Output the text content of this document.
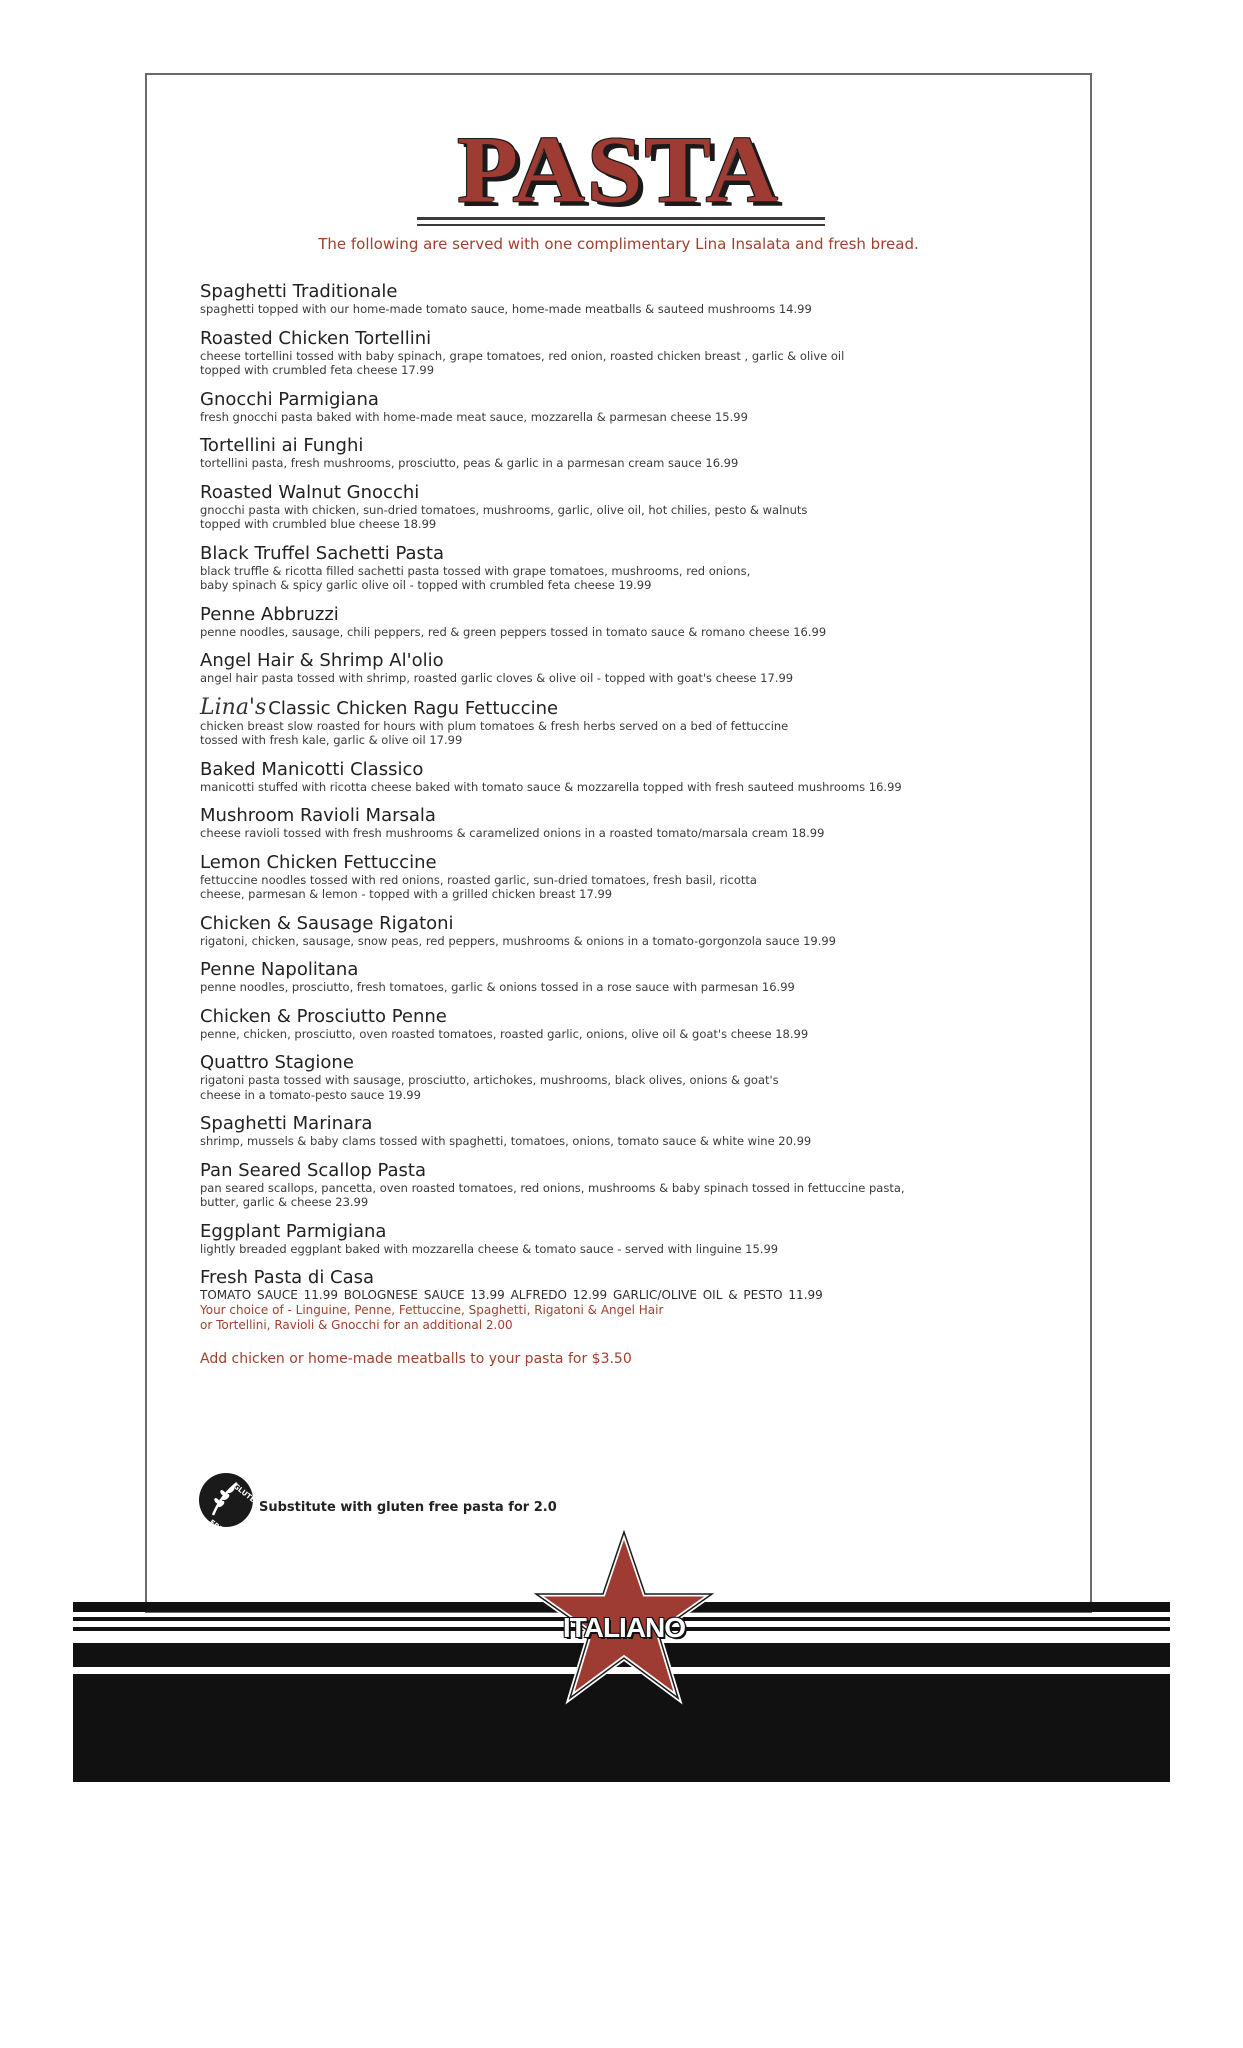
PASTA
The following are served with one complimentary Lina Insalata and fresh bread.
Spaghetti Traditionale
spaghetti topped with our home-made tomato sauce, home-made meatballs & sauteed mushrooms 14.99
Roasted Chicken Tortellini
cheese tortellini tossed with baby spinach, grape tomatoes, red onion, roasted chicken breast , garlic & olive oil
topped with crumbled feta cheese 17.99
Gnocchi Parmigiana
fresh gnocchi pasta baked with home-made meat sauce, mozzarella & parmesan cheese 15.99
Tortellini ai Funghi
tortellini pasta, fresh mushrooms, prosciutto, peas & garlic in a parmesan cream sauce 16.99
Roasted Walnut Gnocchi
gnocchi pasta with chicken, sun-dried tomatoes, mushrooms, garlic, olive oil, hot chilies, pesto & walnuts
topped with crumbled blue cheese 18.99
Black Truffel Sachetti Pasta
black truffle & ricotta filled sachetti pasta tossed with grape tomatoes, mushrooms, red onions,
baby spinach & spicy garlic olive oil - topped with crumbled feta cheese 19.99
Penne Abbruzzi
penne noodles, sausage, chili peppers, red & green peppers tossed in tomato sauce & romano cheese 16.99
Angel Hair & Shrimp Al'olio
angel hair pasta tossed with shrimp, roasted garlic cloves & olive oil - topped with goat's cheese 17.99
Lina's Classic Chicken Ragu Fettuccine
chicken breast slow roasted for hours with plum tomatoes & fresh herbs served on a bed of fettuccine
tossed with fresh kale, garlic & olive oil 17.99
Baked Manicotti Classico
manicotti stuffed with ricotta cheese baked with tomato sauce & mozzarella topped with fresh sauteed mushrooms 16.99
Mushroom Ravioli Marsala
cheese ravioli tossed with fresh mushrooms & caramelized onions in a roasted tomato/marsala cream 18.99
Lemon Chicken Fettuccine
fettuccine noodles tossed with red onions, roasted garlic, sun-dried tomatoes, fresh basil, ricotta
cheese, parmesan & lemon - topped with a grilled chicken breast 17.99
Chicken & Sausage Rigatoni
rigatoni, chicken, sausage, snow peas, red peppers, mushrooms & onions in a tomato-gorgonzola sauce 19.99
Penne Napolitana
penne noodles, prosciutto, fresh tomatoes, garlic & onions tossed in a rose sauce with parmesan 16.99
Chicken & Prosciutto Penne
penne, chicken, prosciutto, oven roasted tomatoes, roasted garlic, onions, olive oil & goat's cheese 18.99
Quattro Stagione
rigatoni pasta tossed with sausage, prosciutto, artichokes, mushrooms, black olives, onions & goat's
cheese in a tomato-pesto sauce 19.99
Spaghetti Marinara
shrimp, mussels & baby clams tossed with spaghetti, tomatoes, onions, tomato sauce & white wine 20.99
Pan Seared Scallop Pasta
pan seared scallops, pancetta, oven roasted tomatoes, red onions, mushrooms & baby spinach tossed in fettuccine pasta,
butter, garlic & cheese 23.99
Eggplant Parmigiana
lightly breaded eggplant baked with mozzarella cheese & tomato sauce - served with linguine 15.99
Fresh Pasta di Casa
TOMATO SAUCE 11.99 BOLOGNESE SAUCE 13.99 ALFREDO 12.99 GARLIC/OLIVE OIL & PESTO 11.99
Your choice of - Linguine, Penne, Fettuccine, Spaghetti, Rigatoni & Angel Hair
or Tortellini, Ravioli & Gnocchi for an additional 2.00
Add chicken or home-made meatballs to your pasta for $3.50
GLUTEN
FREE
Substitute with gluten free pasta for 2.0
ITALIANO
